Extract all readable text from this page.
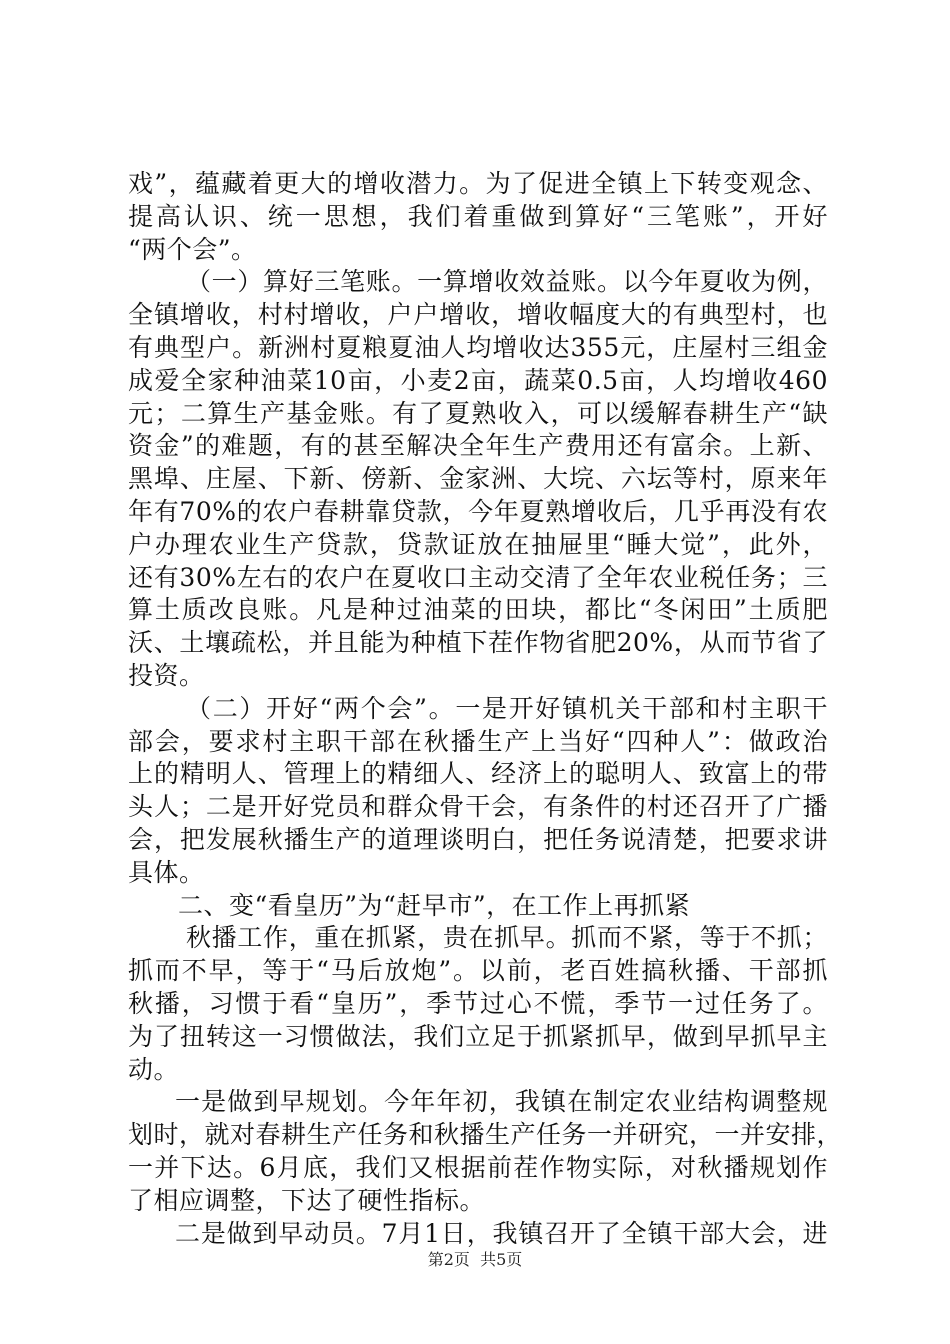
戏”，蕴藏着更大的增收潜力。为了促进全镇上下转变观念、
提高认识、统一思想，我们着重做到算好“三笔账”，开好
“两个会”。
（一）算好三笔账。一算增收效益账。以今年夏收为例，
全镇增收，村村增收，户户增收，增收幅度大的有典型村，也
有典型户。新洲村夏粮夏油人均增收达355元，庄屋村三组金
成爱全家种油菜10亩，小麦2亩，蔬菜0.5亩，人均增收460
元；二算生产基金账。有了夏熟收入，可以缓解春耕生产“缺
资金”的难题，有的甚至解决全年生产费用还有富余。上新、
黑埠、庄屋、下新、傍新、金家洲、大垸、六坛等村，原来年
年有70%的农户春耕靠贷款，今年夏熟增收后，几乎再没有农
户办理农业生产贷款，贷款证放在抽屉里“睡大觉”，此外，
还有30%左右的农户在夏收口主动交清了全年农业税任务；三
算土质改良账。凡是种过油菜的田块，都比“冬闲田”土质肥
沃、土壤疏松，并且能为种植下茬作物省肥20%，从而节省了
投资。
（二）开好“两个会”。一是开好镇机关干部和村主职干
部会，要求村主职干部在秋播生产上当好“四种人”：做政治
上的精明人、管理上的精细人、经济上的聪明人、致富上的带
头人；二是开好党员和群众骨干会，有条件的村还召开了广播
会，把发展秋播生产的道理谈明白，把任务说清楚，把要求讲
具体。
二、变“看皇历”为“赶早市”，在工作上再抓紧
秋播工作，重在抓紧，贵在抓早。抓而不紧，等于不抓；
抓而不早，等于“马后放炮”。以前，老百姓搞秋播、干部抓
秋播，习惯于看“皇历”，季节过心不慌，季节一过任务了。
为了扭转这一习惯做法，我们立足于抓紧抓早，做到早抓早主
动。
一是做到早规划。今年年初，我镇在制定农业结构调整规
划时，就对春耕生产任务和秋播生产任务一并研究，一并安排，
一并下达。6月底，我们又根据前茬作物实际，对秋播规划作
了相应调整，下达了硬性指标。
二是做到早动员。7月1日，我镇召开了全镇干部大会，进
第2页  共5页
